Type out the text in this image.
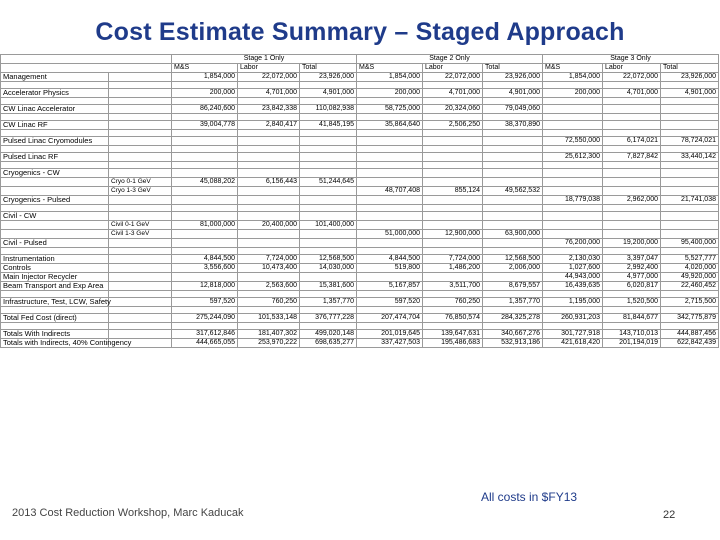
Cost Estimate Summary – Staged Approach
		Stage 1 Only			Stage 2 Only			Stage 3 Only		
		M&S	Labor	Total	M&S	Labor	Total	M&S	Labor	Total
Management		1,854,000	22,072,000	23,926,000	1,854,000	22,072,000	23,926,000	1,854,000	22,072,000	23,926,000

Accelerator Physics		200,000	4,701,000	4,901,000	200,000	4,701,000	4,901,000	200,000	4,701,000	4,901,000

CW Linac Accelerator		86,240,600	23,842,338	110,082,938	58,725,000	20,324,060	79,049,060			

CW Linac RF		39,004,778	2,840,417	41,845,195	35,864,640	2,506,250	38,370,890			

Pulsed Linac Cryomodules								72,550,000	6,174,021	78,724,021

Pulsed Linac RF								25,612,300	7,827,842	33,440,142

Cryogenics - CW										
	Cryo 0-1 GeV	45,088,202	6,156,443	51,244,645						
	Cryo 1-3 GeV				48,707,408	855,124	49,562,532			
Cryogenics - Pulsed								18,779,038	2,962,000	21,741,038

Civil - CW										
	Civil 0-1 GeV	81,000,000	20,400,000	101,400,000						
	Civil 1-3 GeV				51,000,000	12,900,000	63,900,000			
Civil - Pulsed								76,200,000	19,200,000	95,400,000

Instrumentation		4,844,500	7,724,000	12,568,500	4,844,500	7,724,000	12,568,500	2,130,030	3,397,047	5,527,777
Controls		3,556,600	10,473,400	14,030,000	519,800	1,486,200	2,006,000	1,027,600	2,992,400	4,020,000
Main Injector Recycler								44,943,000	4,977,000	49,920,000
Beam Transport and Exp Area		12,818,000	2,563,600	15,381,600	5,167,857	3,511,700	8,679,557	16,439,635	6,020,817	22,460,452

Infrastructure, Test, LCW, Safety		597,520	760,250	1,357,770	597,520	760,250	1,357,770	1,195,000	1,520,500	2,715,500

Total Fed Cost (direct)		275,244,090	101,533,148	376,777,228	207,474,704	76,850,574	284,325,278	260,931,203	81,844,677	342,775,879

Totals With Indirects		317,612,846	181,407,302	499,020,148	201,019,645	139,647,631	340,667,276	301,727,918	143,710,013	444,887,456
Totals with Indirects, 40% Contingency		444,665,055	253,970,222	698,635,277	337,427,503	195,486,683	532,913,186	421,618,420	201,194,019	622,842,439
All costs in $FY13
2013 Cost Reduction Workshop, Marc Kaducak	22
